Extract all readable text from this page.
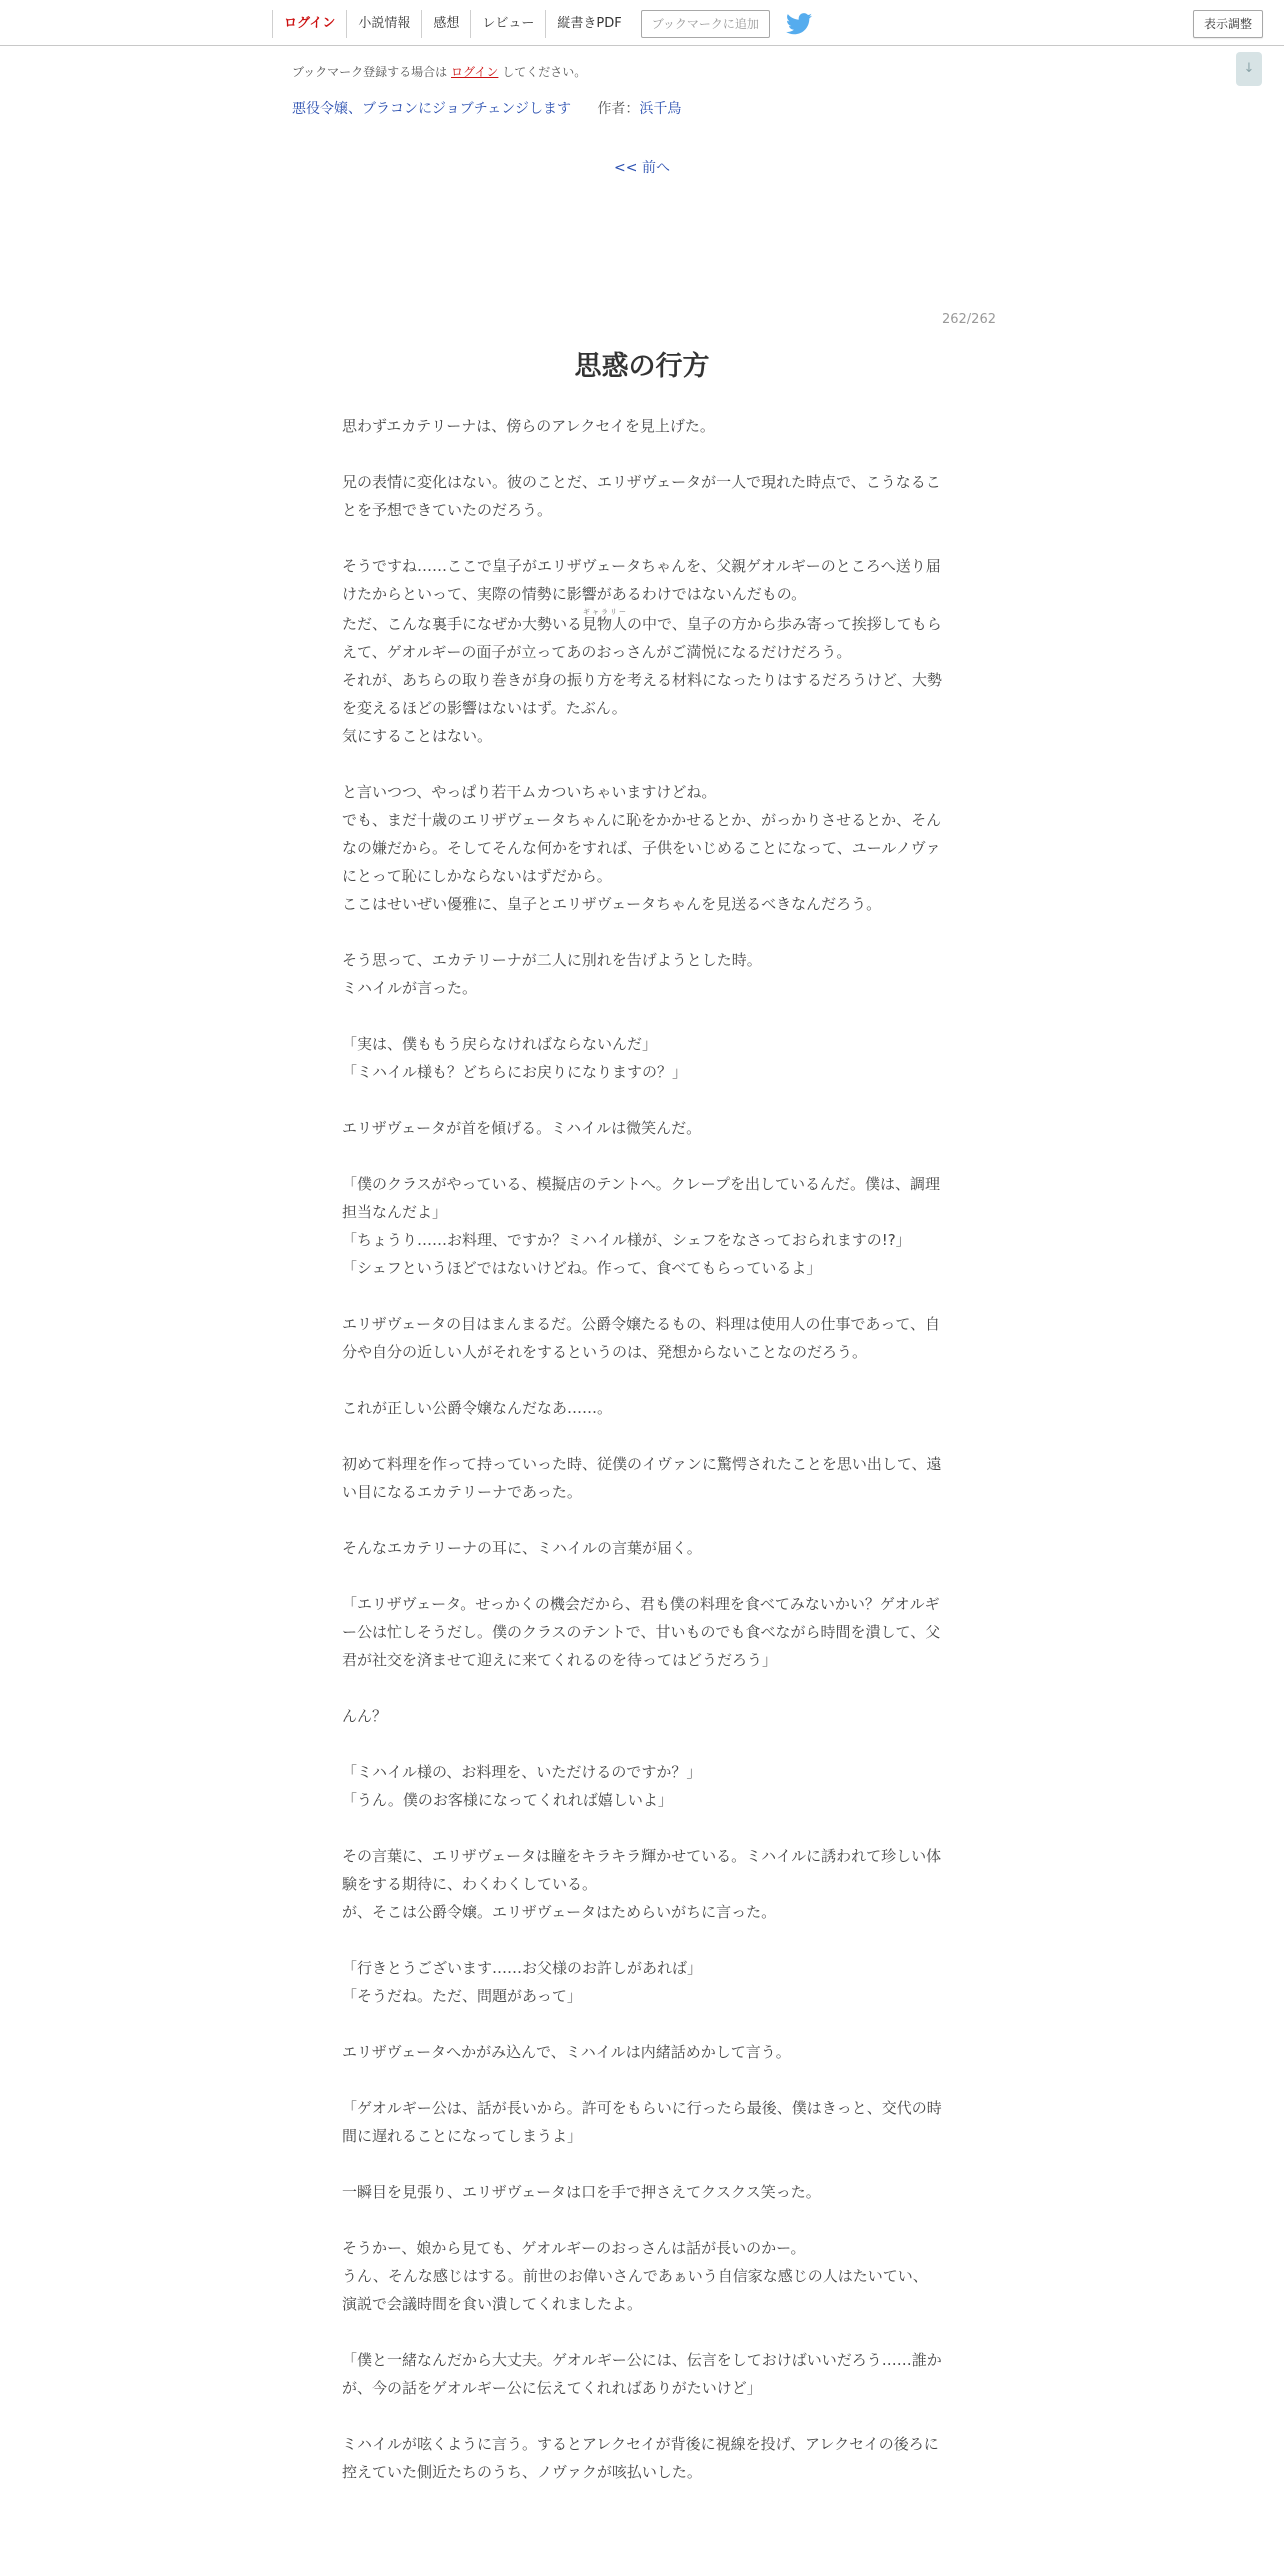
ログイン	小説情報	感想	レビュー	縦書きPDF	ブックマークに追加	表示調整
↓
ブックマーク登録する場合は ログイン してください。
悪役令嬢、ブラコンにジョブチェンジします 作者：浜千鳥
<< 前へ
262/262
思惑の行方

思わずエカテリーナは、傍らのアレクセイを見上げた。

兄の表情に変化はない。彼のことだ、エリザヴェータが一人で現れた時点で、こうなることを予想できていたのだろう。

そうですね……ここで皇子がエリザヴェータちゃんを、父親ゲオルギーのところへ送り届けたからといって、実際の情勢に影響があるわけではないんだもの。

ただ、こんな裏手になぜか大勢いる見物人ギャラリーの中で、皇子の方から歩み寄って挨拶してもらえて、ゲオルギーの面子が立ってあのおっさんがご満悦になるだけだろう。

それが、あちらの取り巻きが身の振り方を考える材料になったりはするだろうけど、大勢を変えるほどの影響はないはず。たぶん。

気にすることはない。

と言いつつ、やっぱり若干ムカついちゃいますけどね。

でも、まだ十歳のエリザヴェータちゃんに恥をかかせるとか、がっかりさせるとか、そんなの嫌だから。そしてそんな何かをすれば、子供をいじめることになって、ユールノヴァにとって恥にしかならないはずだから。

ここはせいぜい優雅に、皇子とエリザヴェータちゃんを見送るべきなんだろう。

そう思って、エカテリーナが二人に別れを告げようとした時。

ミハイルが言った。

「実は、僕ももう戻らなければならないんだ」

「ミハイル様も？どちらにお戻りになりますの？」

エリザヴェータが首を傾げる。ミハイルは微笑んだ。

「僕のクラスがやっている、模擬店のテントへ。クレープを出しているんだ。僕は、調理担当なんだよ」

「ちょうり……お料理、ですか？ミハイル様が、シェフをなさっておられますの!?」

「シェフというほどではないけどね。作って、食べてもらっているよ」

エリザヴェータの目はまんまるだ。公爵令嬢たるもの、料理は使用人の仕事であって、自分や自分の近しい人がそれをするというのは、発想からないことなのだろう。

これが正しい公爵令嬢なんだなあ……。

初めて料理を作って持っていった時、従僕のイヴァンに驚愕されたことを思い出して、遠い目になるエカテリーナであった。

そんなエカテリーナの耳に、ミハイルの言葉が届く。

「エリザヴェータ。せっかくの機会だから、君も僕の料理を食べてみないかい？ゲオルギー公は忙しそうだし。僕のクラスのテントで、甘いものでも食べながら時間を潰して、父君が社交を済ませて迎えに来てくれるのを待ってはどうだろう」

んん？

「ミハイル様の、お料理を、いただけるのですか？」

「うん。僕のお客様になってくれれば嬉しいよ」

その言葉に、エリザヴェータは瞳をキラキラ輝かせている。ミハイルに誘われて珍しい体験をする期待に、わくわくしている。

が、そこは公爵令嬢。エリザヴェータはためらいがちに言った。

「行きとうございます……お父様のお許しがあれば」

「そうだね。ただ、問題があって」

エリザヴェータへかがみ込んで、ミハイルは内緒話めかして言う。

「ゲオルギー公は、話が長いから。許可をもらいに行ったら最後、僕はきっと、交代の時間に遅れることになってしまうよ」

一瞬目を見張り、エリザヴェータは口を手で押さえてクスクス笑った。

そうかー、娘から見ても、ゲオルギーのおっさんは話が長いのかー。

うん、そんな感じはする。前世のお偉いさんであぁいう自信家な感じの人はたいてい、演説で会議時間を食い潰してくれましたよ。

「僕と一緒なんだから大丈夫。ゲオルギー公には、伝言をしておけばいいだろう……誰かが、今の話をゲオルギー公に伝えてくれればありがたいけど」

ミハイルが呟くように言う。するとアレクセイが背後に視線を投げ、アレクセイの後ろに控えていた側近たちのうち、ノヴァクが咳払いした。
